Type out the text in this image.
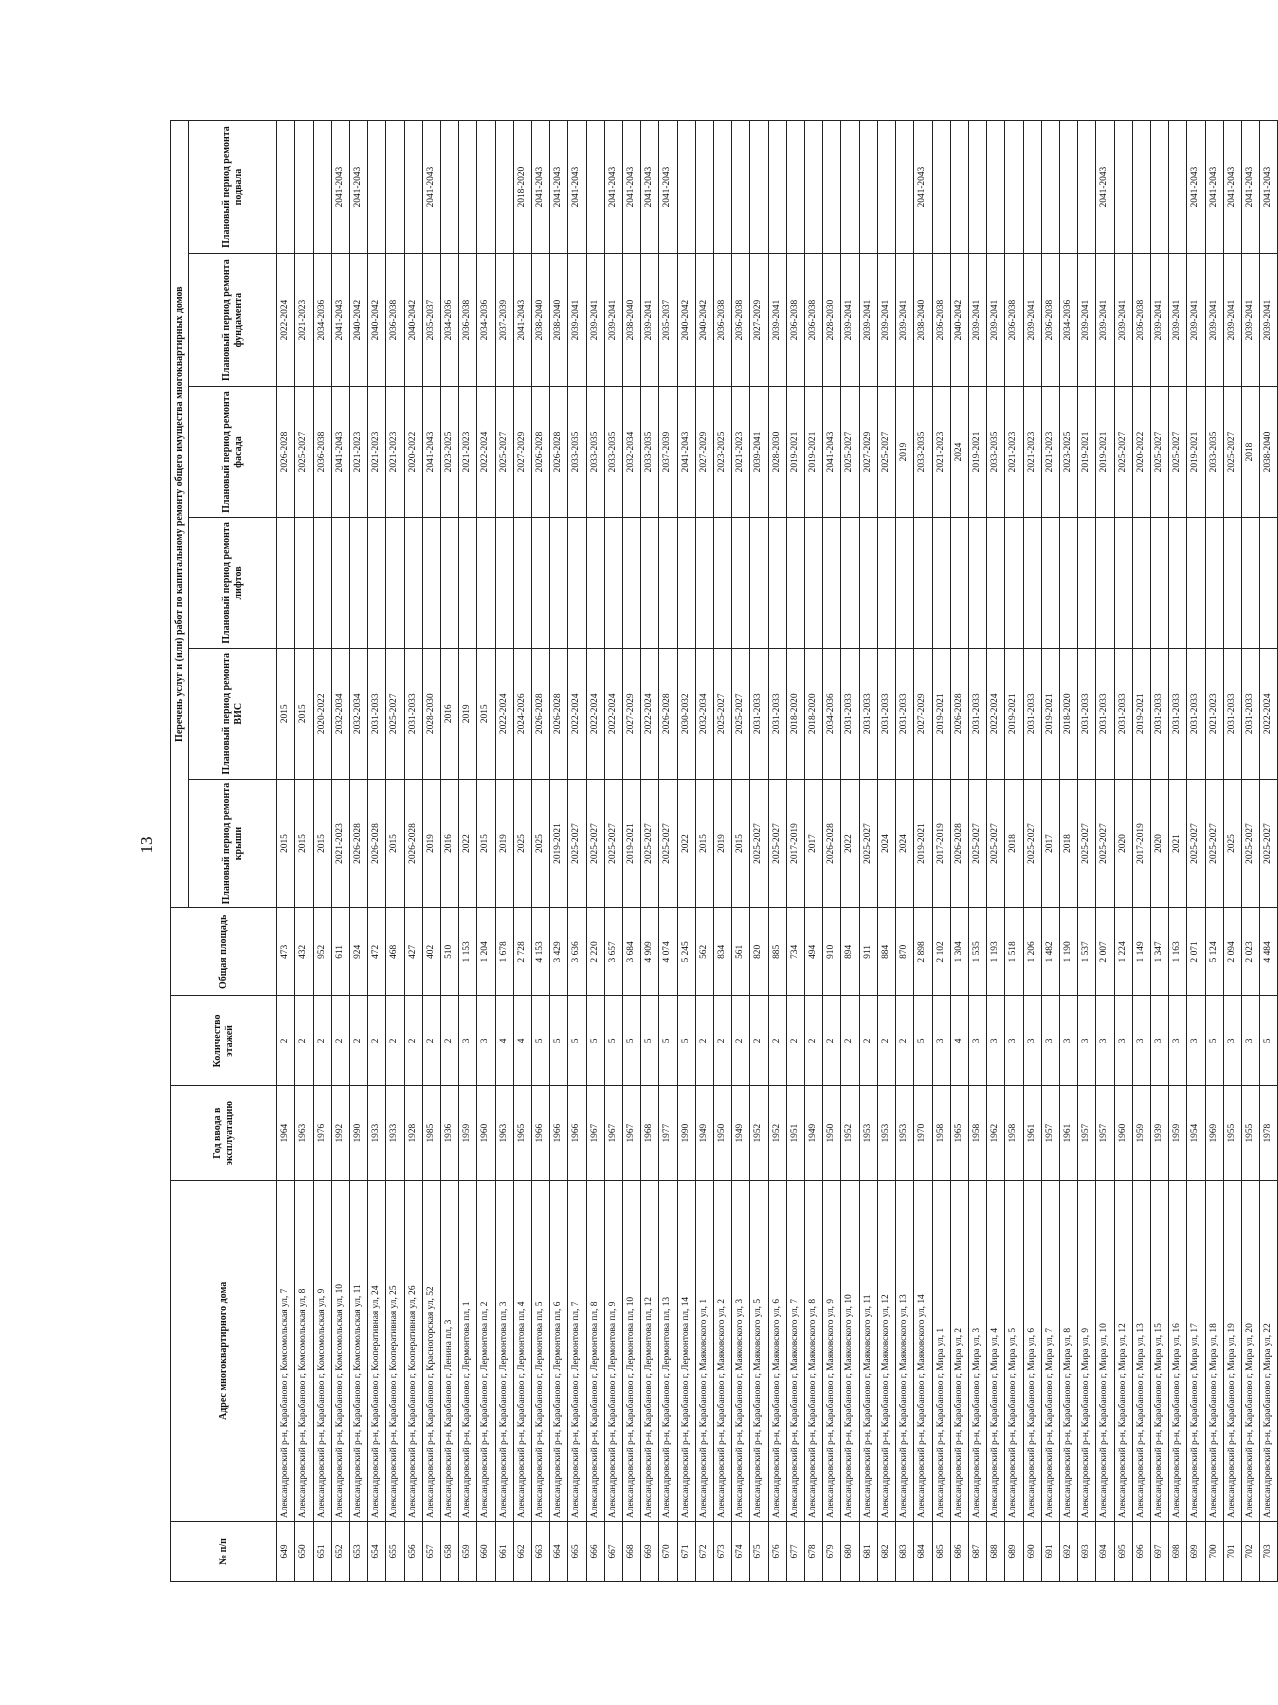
13
№ п/п	Адрес многоквартирного дома	Год ввода в эксплуатацию	Количество этажей	Общая площадь	Перечень услуг и (или) работ по капитальному ремонту общего имущества многоквартирных домов					
					Плановый период ремонта крыши	Плановый период ремонта ВИС	Плановый период ремонта лифтов	Плановый период ремонта фасада	Плановый период ремонта фундамента	Плановый период ремонта подвала
649	Александровский р-н, Карабаново г, Комсомольская ул, 7	1964	2	473	2015	2015		2026-2028	2022-2024	
650	Александровский р-н, Карабаново г, Комсомольская ул, 8	1963	2	432	2015	2015		2025-2027	2021-2023	
651	Александровский р-н, Карабаново г, Комсомольская ул, 9	1976	2	952	2015	2020-2022		2036-2038	2034-2036	
652	Александровский р-н, Карабаново г, Комсомольская ул, 10	1992	2	611	2021-2023	2032-2034		2041-2043	2041-2043	2041-2043
653	Александровский р-н, Карабаново г, Комсомольская ул, 11	1990	2	924	2026-2028	2032-2034		2021-2023	2040-2042	2041-2043
654	Александровский р-н, Карабаново г, Кооперативная ул, 24	1933	2	472	2026-2028	2031-2033		2021-2023	2040-2042	
655	Александровский р-н, Карабаново г, Кооперативная ул, 25	1933	2	468	2015	2025-2027		2021-2023	2036-2038	
656	Александровский р-н, Карабаново г, Кооперативная ул, 26	1928	2	427	2026-2028	2031-2033		2020-2022	2040-2042	
657	Александровский р-н, Карабаново г, Красногорская ул, 52	1985	2	402	2019	2028-2030		2041-2043	2035-2037	2041-2043
658	Александровский р-н, Карабаново г, Ленина пл, 3	1936	2	510	2016	2016		2023-2025	2034-2036	
659	Александровский р-н, Карабаново г, Лермонтова пл, 1	1959	3	1 153	2022	2019		2021-2023	2036-2038	
660	Александровский р-н, Карабаново г, Лермонтова пл, 2	1960	3	1 204	2015	2015		2022-2024	2034-2036	
661	Александровский р-н, Карабаново г, Лермонтова пл, 3	1963	4	1 678	2019	2022-2024		2025-2027	2037-2039	
662	Александровский р-н, Карабаново г, Лермонтова пл, 4	1965	4	2 728	2025	2024-2026		2027-2029	2041-2043	2018-2020
663	Александровский р-н, Карабаново г, Лермонтова пл, 5	1966	5	4 153	2025	2026-2028		2026-2028	2038-2040	2041-2043
664	Александровский р-н, Карабаново г, Лермонтова пл, 6	1966	5	3 429	2019-2021	2026-2028		2026-2028	2038-2040	2041-2043
665	Александровский р-н, Карабаново г, Лермонтова пл, 7	1966	5	3 636	2025-2027	2022-2024		2033-2035	2039-2041	2041-2043
666	Александровский р-н, Карабаново г, Лермонтова пл, 8	1967	5	2 220	2025-2027	2022-2024		2033-2035	2039-2041	
667	Александровский р-н, Карабаново г, Лермонтова пл, 9	1967	5	3 657	2025-2027	2022-2024		2033-2035	2039-2041	2041-2043
668	Александровский р-н, Карабаново г, Лермонтова пл, 10	1967	5	3 684	2019-2021	2027-2029		2032-2034	2038-2040	2041-2043
669	Александровский р-н, Карабаново г, Лермонтова пл, 12	1968	5	4 909	2025-2027	2022-2024		2033-2035	2039-2041	2041-2043
670	Александровский р-н, Карабаново г, Лермонтова пл, 13	1977	5	4 074	2025-2027	2026-2028		2037-2039	2035-2037	2041-2043
671	Александровский р-н, Карабаново г, Лермонтова пл, 14	1990	5	5 245	2022	2030-2032		2041-2043	2040-2042	
672	Александровский р-н, Карабаново г, Маяковского ул, 1	1949	2	562	2015	2032-2034		2027-2029	2040-2042	
673	Александровский р-н, Карабаново г, Маяковского ул, 2	1950	2	834	2019	2025-2027		2023-2025	2036-2038	
674	Александровский р-н, Карабаново г, Маяковского ул, 3	1949	2	561	2015	2025-2027		2021-2023	2036-2038	
675	Александровский р-н, Карабаново г, Маяковского ул, 5	1952	2	820	2025-2027	2031-2033		2039-2041	2027-2029	
676	Александровский р-н, Карабаново г, Маяковского ул, 6	1952	2	885	2025-2027	2031-2033		2028-2030	2039-2041	
677	Александровский р-н, Карабаново г, Маяковского ул, 7	1951	2	734	2017-2019	2018-2020		2019-2021	2036-2038	
678	Александровский р-н, Карабаново г, Маяковского ул, 8	1949	2	494	2017	2018-2020		2019-2021	2036-2038	
679	Александровский р-н, Карабаново г, Маяковского ул, 9	1950	2	910	2026-2028	2034-2036		2041-2043	2028-2030	
680	Александровский р-н, Карабаново г, Маяковского ул, 10	1952	2	894	2022	2031-2033		2025-2027	2039-2041	
681	Александровский р-н, Карабаново г, Маяковского ул, 11	1953	2	911	2025-2027	2031-2033		2027-2029	2039-2041	
682	Александровский р-н, Карабаново г, Маяковского ул, 12	1953	2	884	2024	2031-2033		2025-2027	2039-2041	
683	Александровский р-н, Карабаново г, Маяковского ул, 13	1953	2	870	2024	2031-2033		2019	2039-2041	
684	Александровский р-н, Карабаново г, Маяковского ул, 14	1970	5	2 898	2019-2021	2027-2029		2033-2035	2038-2040	2041-2043
685	Александровский р-н, Карабаново г, Мира ул, 1	1958	3	2 102	2017-2019	2019-2021		2021-2023	2036-2038	
686	Александровский р-н, Карабаново г, Мира ул, 2	1965	4	1 304	2026-2028	2026-2028		2024	2040-2042	
687	Александровский р-н, Карабаново г, Мира ул, 3	1958	3	1 535	2025-2027	2031-2033		2019-2021	2039-2041	
688	Александровский р-н, Карабаново г, Мира ул, 4	1962	3	1 193	2025-2027	2022-2024		2033-2035	2039-2041	
689	Александровский р-н, Карабаново г, Мира ул, 5	1958	3	1 518	2018	2019-2021		2021-2023	2036-2038	
690	Александровский р-н, Карабаново г, Мира ул, 6	1961	3	1 206	2025-2027	2031-2033		2021-2023	2039-2041	
691	Александровский р-н, Карабаново г, Мира ул, 7	1957	3	1 482	2017	2019-2021		2021-2023	2036-2038	
692	Александровский р-н, Карабаново г, Мира ул, 8	1961	3	1 190	2018	2018-2020		2023-2025	2034-2036	
693	Александровский р-н, Карабаново г, Мира ул, 9	1957	3	1 537	2025-2027	2031-2033		2019-2021	2039-2041	
694	Александровский р-н, Карабаново г, Мира ул, 10	1957	3	2 007	2025-2027	2031-2033		2019-2021	2039-2041	2041-2043
695	Александровский р-н, Карабаново г, Мира ул, 12	1960	3	1 224	2020	2031-2033		2025-2027	2039-2041	
696	Александровский р-н, Карабаново г, Мира ул, 13	1959	3	1 149	2017-2019	2019-2021		2020-2022	2036-2038	
697	Александровский р-н, Карабаново г, Мира ул, 15	1939	3	1 347	2020	2031-2033		2025-2027	2039-2041	
698	Александровский р-н, Карабаново г, Мира ул, 16	1959	3	1 163	2021	2031-2033		2025-2027	2039-2041	
699	Александровский р-н, Карабаново г, Мира ул, 17	1954	3	2 071	2025-2027	2031-2033		2019-2021	2039-2041	2041-2043
700	Александровский р-н, Карабаново г, Мира ул, 18	1969	5	5 124	2025-2027	2021-2023		2033-2035	2039-2041	2041-2043
701	Александровский р-н, Карабаново г, Мира ул, 19	1955	3	2 094	2025	2031-2033		2025-2027	2039-2041	2041-2043
702	Александровский р-н, Карабаново г, Мира ул, 20	1955	3	2 023	2025-2027	2031-2033		2018	2039-2041	2041-2043
703	Александровский р-н, Карабаново г, Мира ул, 22	1978	5	4 484	2025-2027	2022-2024		2038-2040	2039-2041	2041-2043
